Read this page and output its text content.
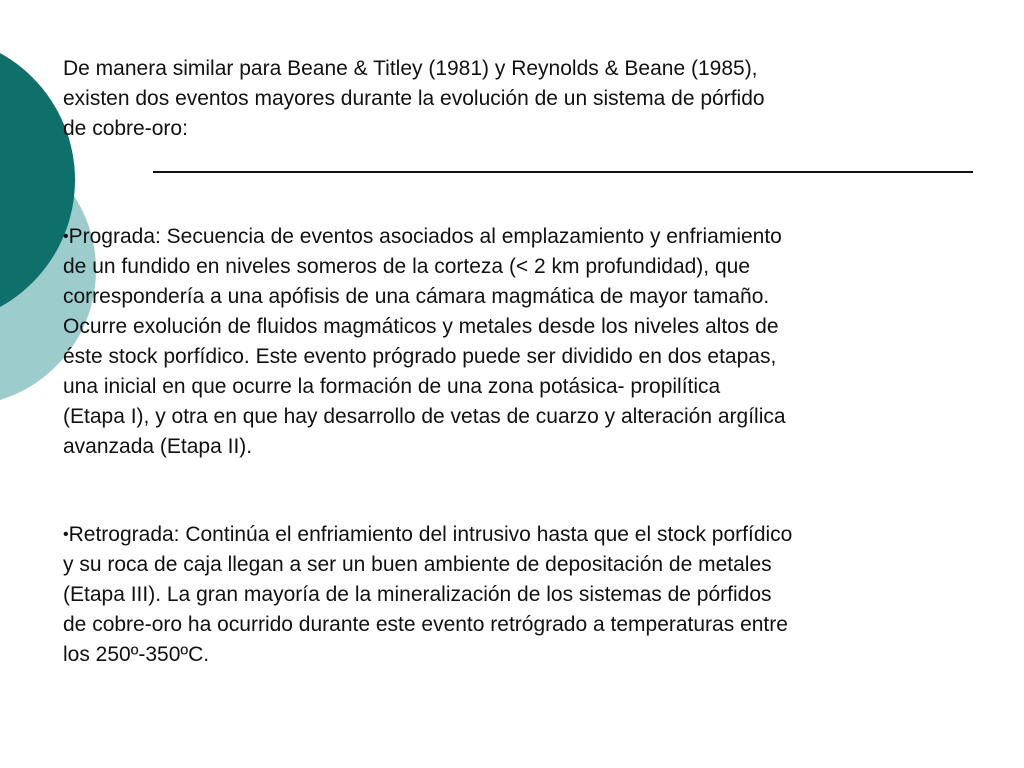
De manera similar para Beane & Titley (1981) y Reynolds & Beane (1985),

existen dos eventos mayores durante la evolución de un sistema de pórfido

de cobre-oro:

•Prograda: Secuencia de eventos asociados al emplazamiento y enfriamiento

de un fundido en niveles someros de la corteza (< 2 km profundidad), que

correspondería a una apófisis de una cámara magmática de mayor tamaño.

Ocurre exolución de fluidos magmáticos y metales desde los niveles altos de

éste stock porfídico. Este evento prógrado puede ser dividido en dos etapas,

una inicial en que ocurre la formación de una zona potásica- propilítica

(Etapa I), y otra en que hay desarrollo de vetas de cuarzo y alteración argílica

avanzada (Etapa II).

•Retrograda: Continúa el enfriamiento del intrusivo hasta que el stock porfídico

y su roca de caja llegan a ser un buen ambiente de depositación de metales

(Etapa III). La gran mayoría de la mineralización de los sistemas de pórfidos

de cobre-oro ha ocurrido durante este evento retrógrado a temperaturas entre

los 250º-350ºC.
